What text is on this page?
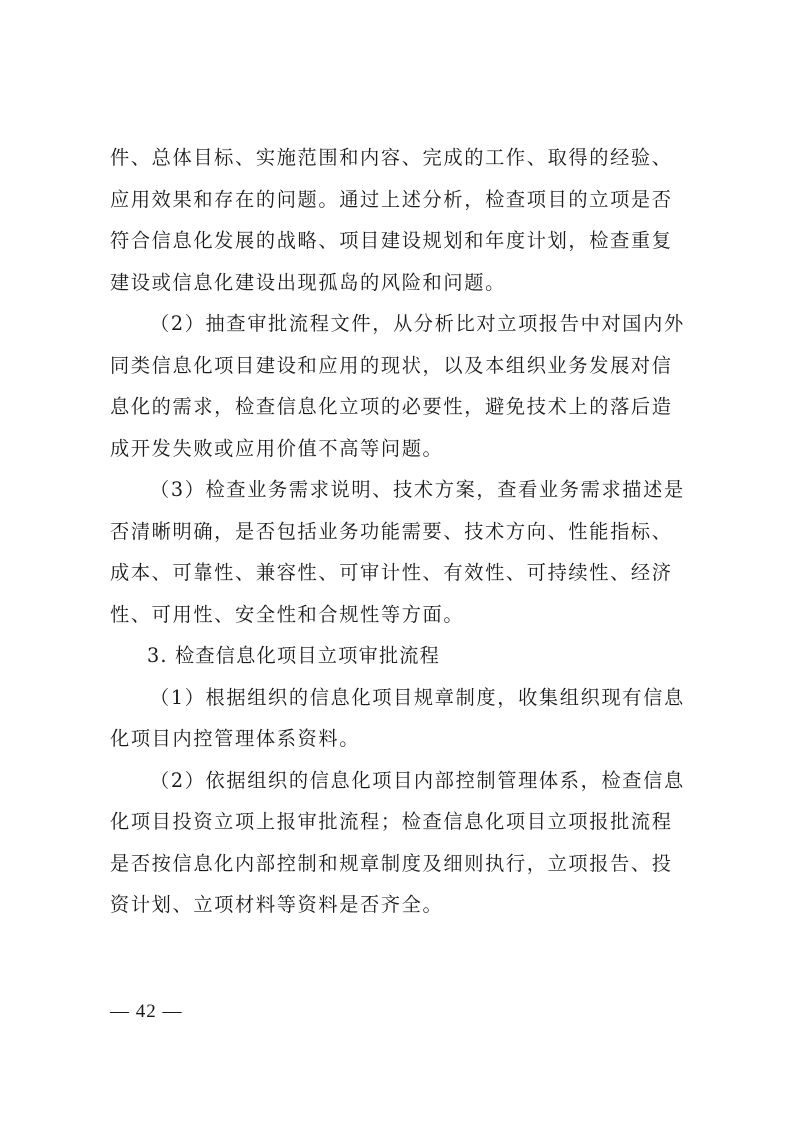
件、总体目标、实施范围和内容、完成的工作、取得的经验、
应用效果和存在的问题。通过上述分析，检查项目的立项是否
符合信息化发展的战略、项目建设规划和年度计划，检查重复
建设或信息化建设出现孤岛的风险和问题。

（2）抽查审批流程文件，从分析比对立项报告中对国内外
同类信息化项目建设和应用的现状，以及本组织业务发展对信
息化的需求，检查信息化立项的必要性，避免技术上的落后造
成开发失败或应用价值不高等问题。

（3）检查业务需求说明、技术方案，查看业务需求描述是
否清晰明确，是否包括业务功能需要、技术方向、性能指标、
成本、可靠性、兼容性、可审计性、有效性、可持续性、经济
性、可用性、安全性和合规性等方面。

3. 检查信息化项目立项审批流程

（1）根据组织的信息化项目规章制度，收集组织现有信息
化项目内控管理体系资料。

（2）依据组织的信息化项目内部控制管理体系，检查信息
化项目投资立项上报审批流程；检查信息化项目立项报批流程
是否按信息化内部控制和规章制度及细则执行，立项报告、投
资计划、立项材料等资料是否齐全。

— 42 —
